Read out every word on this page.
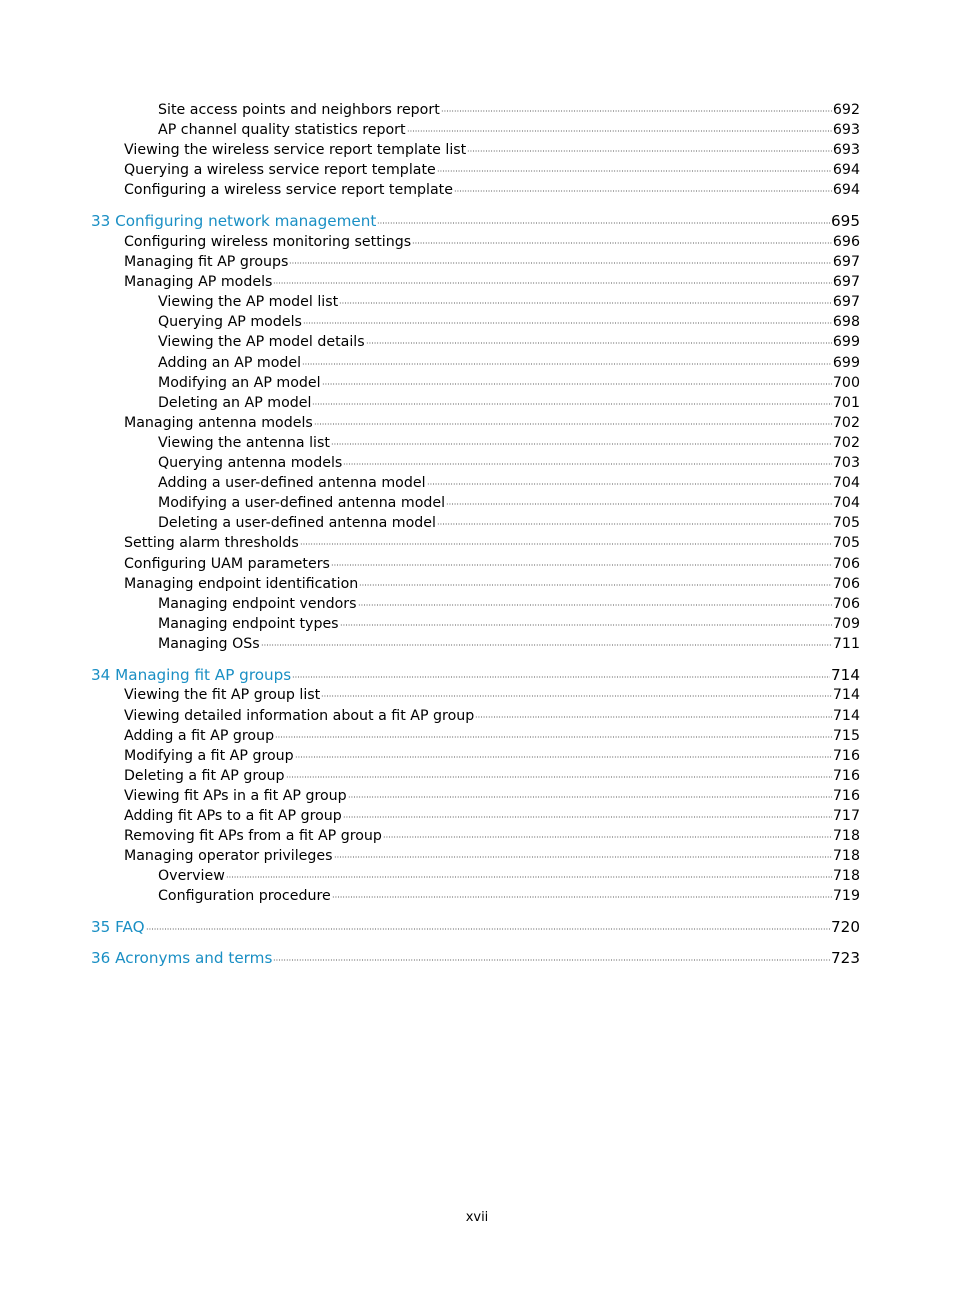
Site access points and neighbors report	692
AP channel quality statistics report	693
Viewing the wireless service report template list	693
Querying a wireless service report template	694
Configuring a wireless service report template	694
33 Configuring network management	695
Configuring wireless monitoring settings	696
Managing fit AP groups	697
Managing AP models	697
Viewing the AP model list	697
Querying AP models	698
Viewing the AP model details	699
Adding an AP model	699
Modifying an AP model	700
Deleting an AP model	701
Managing antenna models	702
Viewing the antenna list	702
Querying antenna models	703
Adding a user-defined antenna model	704
Modifying a user-defined antenna model	704
Deleting a user-defined antenna model	705
Setting alarm thresholds	705
Configuring UAM parameters	706
Managing endpoint identification	706
Managing endpoint vendors	706
Managing endpoint types	709
Managing OSs	711
34 Managing fit AP groups	714
Viewing the fit AP group list	714
Viewing detailed information about a fit AP group	714
Adding a fit AP group	715
Modifying a fit AP group	716
Deleting a fit AP group	716
Viewing fit APs in a fit AP group	716
Adding fit APs to a fit AP group	717
Removing fit APs from a fit AP group	718
Managing operator privileges	718
Overview	718
Configuration procedure	719
35 FAQ	720
36 Acronyms and terms	723
xvii
